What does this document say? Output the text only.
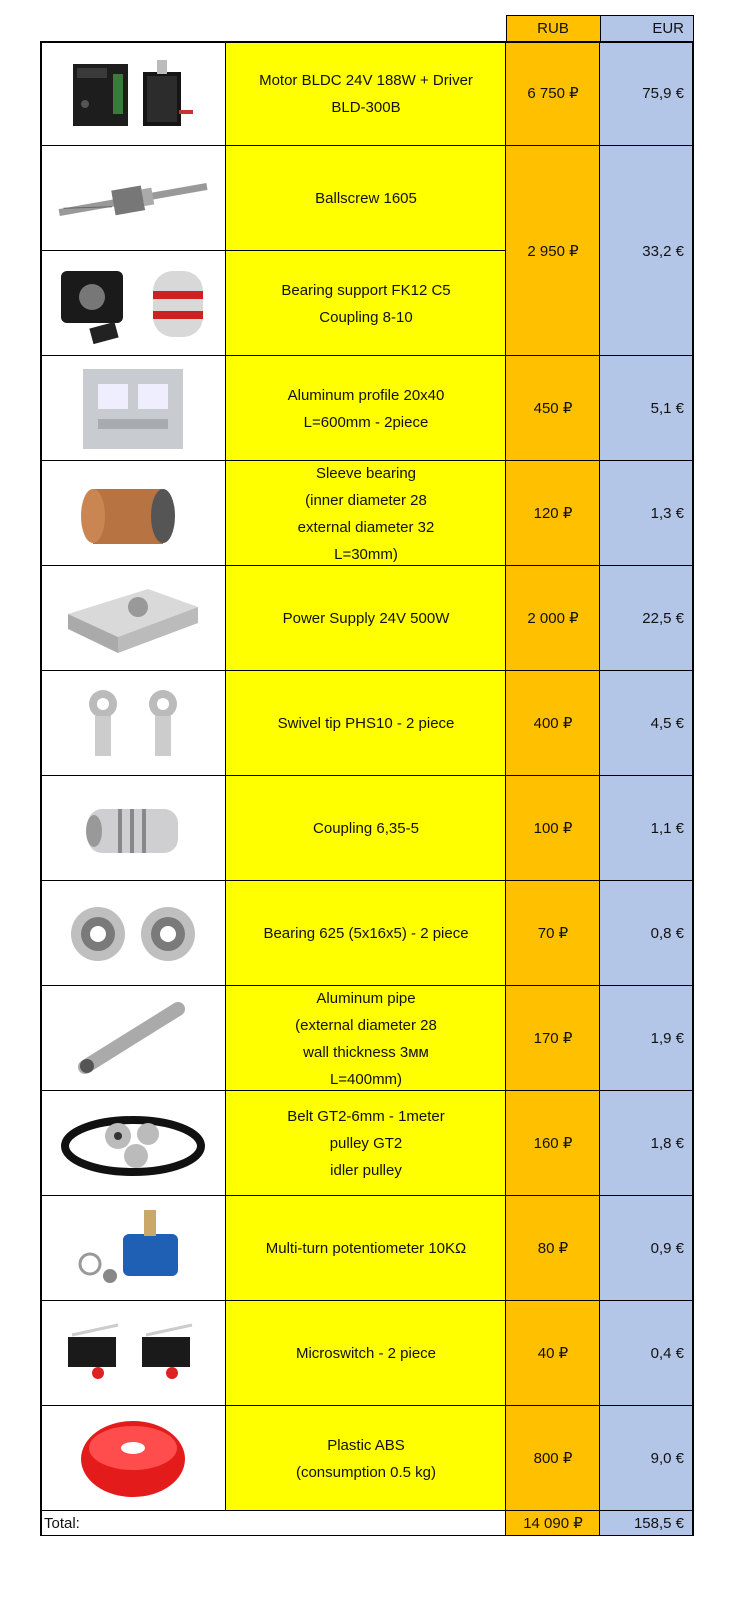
RUB	EUR
Motor BLDC 24V 188W + Driver
BLD-300B
6 750 ₽	75,9 €
Ballscrew 1605
2 950 ₽	33,2 €
Bearing support FK12 C5
Coupling 8-10
Aluminum profile 20x40
L=600mm - 2piece
450 ₽	5,1 €
Sleeve bearing
(inner diameter 28
external diameter 32
L=30mm)
120 ₽	1,3 €
Power Supply 24V 500W	2 000 ₽	22,5 €
Swivel tip PHS10 - 2 piece	400 ₽	4,5 €
Coupling 6,35-5	100 ₽	1,1 €
Bearing 625 (5x16x5) - 2 piece	70 ₽	0,8 €
Aluminum pipe
(external diameter 28
wall thickness 3мм
L=400mm)
170 ₽	1,9 €
Belt GT2-6mm - 1meter
pulley GT2
idler pulley
160 ₽	1,8 €
Multi-turn potentiometer 10KΩ	80 ₽	0,9 €
Microswitch - 2 piece	40 ₽	0,4 €
Plastic ABS
(consumption 0.5 kg)
800 ₽	9,0 €
Total:	14 090 ₽	158,5 €
